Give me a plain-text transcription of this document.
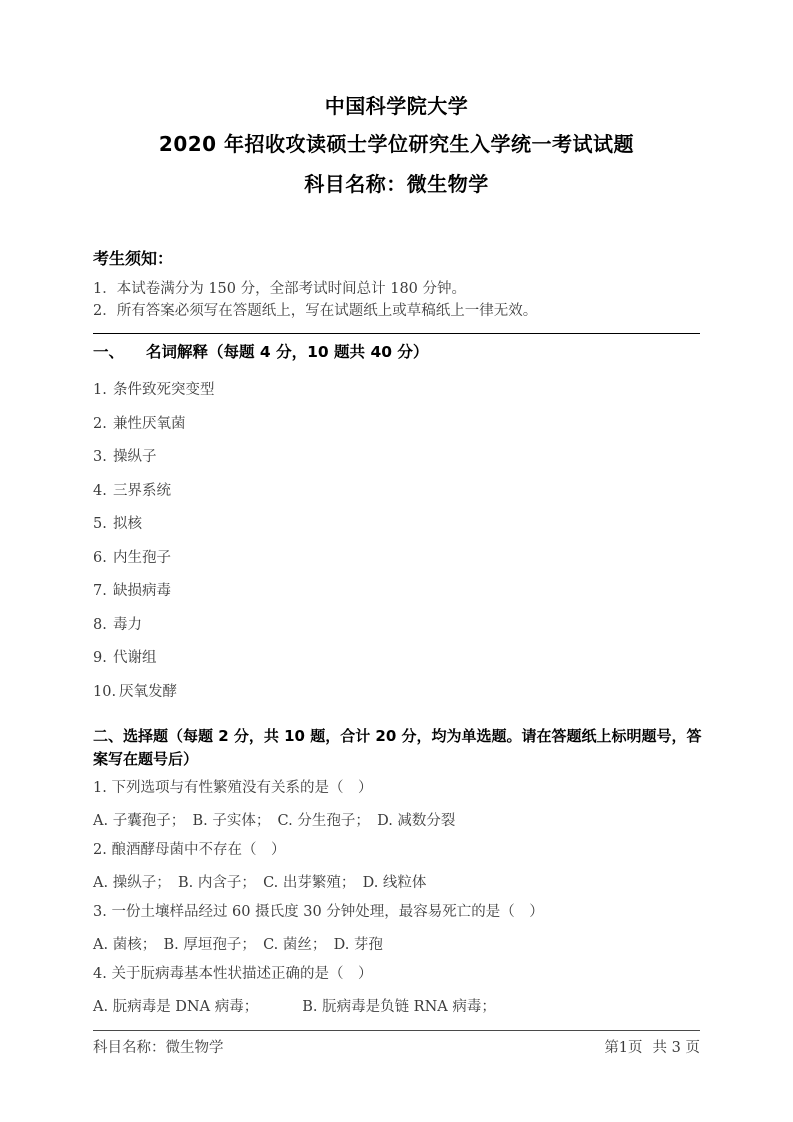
中国科学院大学
2020 年招收攻读硕士学位研究生入学统一考试试题
科目名称：微生物学
考生须知：
1．本试卷满分为 150 分，全部考试时间总计 180 分钟。
2．所有答案必须写在答题纸上，写在试题纸上或草稿纸上一律无效。
一、 名词解释（每题 4 分，10 题共 40 分）
1. 条件致死突变型
2. 兼性厌氧菌
3. 操纵子
4. 三界系统
5. 拟核
6. 内生孢子
7. 缺损病毒
8. 毒力
9. 代谢组
10. 厌氧发酵
二、选择题（每题 2 分，共 10 题，合计 20 分，均为单选题。请在答题纸上标明题号，答案写在题号后）
1. 下列选项与有性繁殖没有关系的是（　）
A. 子囊孢子；　B. 子实体；　C. 分生孢子；　D. 减数分裂
2. 酿酒酵母菌中不存在（　）
A. 操纵子；　B. 内含子；　C. 出芽繁殖；　D. 线粒体
3. 一份土壤样品经过 60 摄氏度 30 分钟处理，最容易死亡的是（　）
A. 菌核；　B. 厚垣孢子；　C. 菌丝；　D. 芽孢
4. 关于朊病毒基本性状描述正确的是（　）
A. 朊病毒是 DNA 病毒；	B. 朊病毒是负链 RNA 病毒；
科目名称：微生物学	第1页 共 3 页
